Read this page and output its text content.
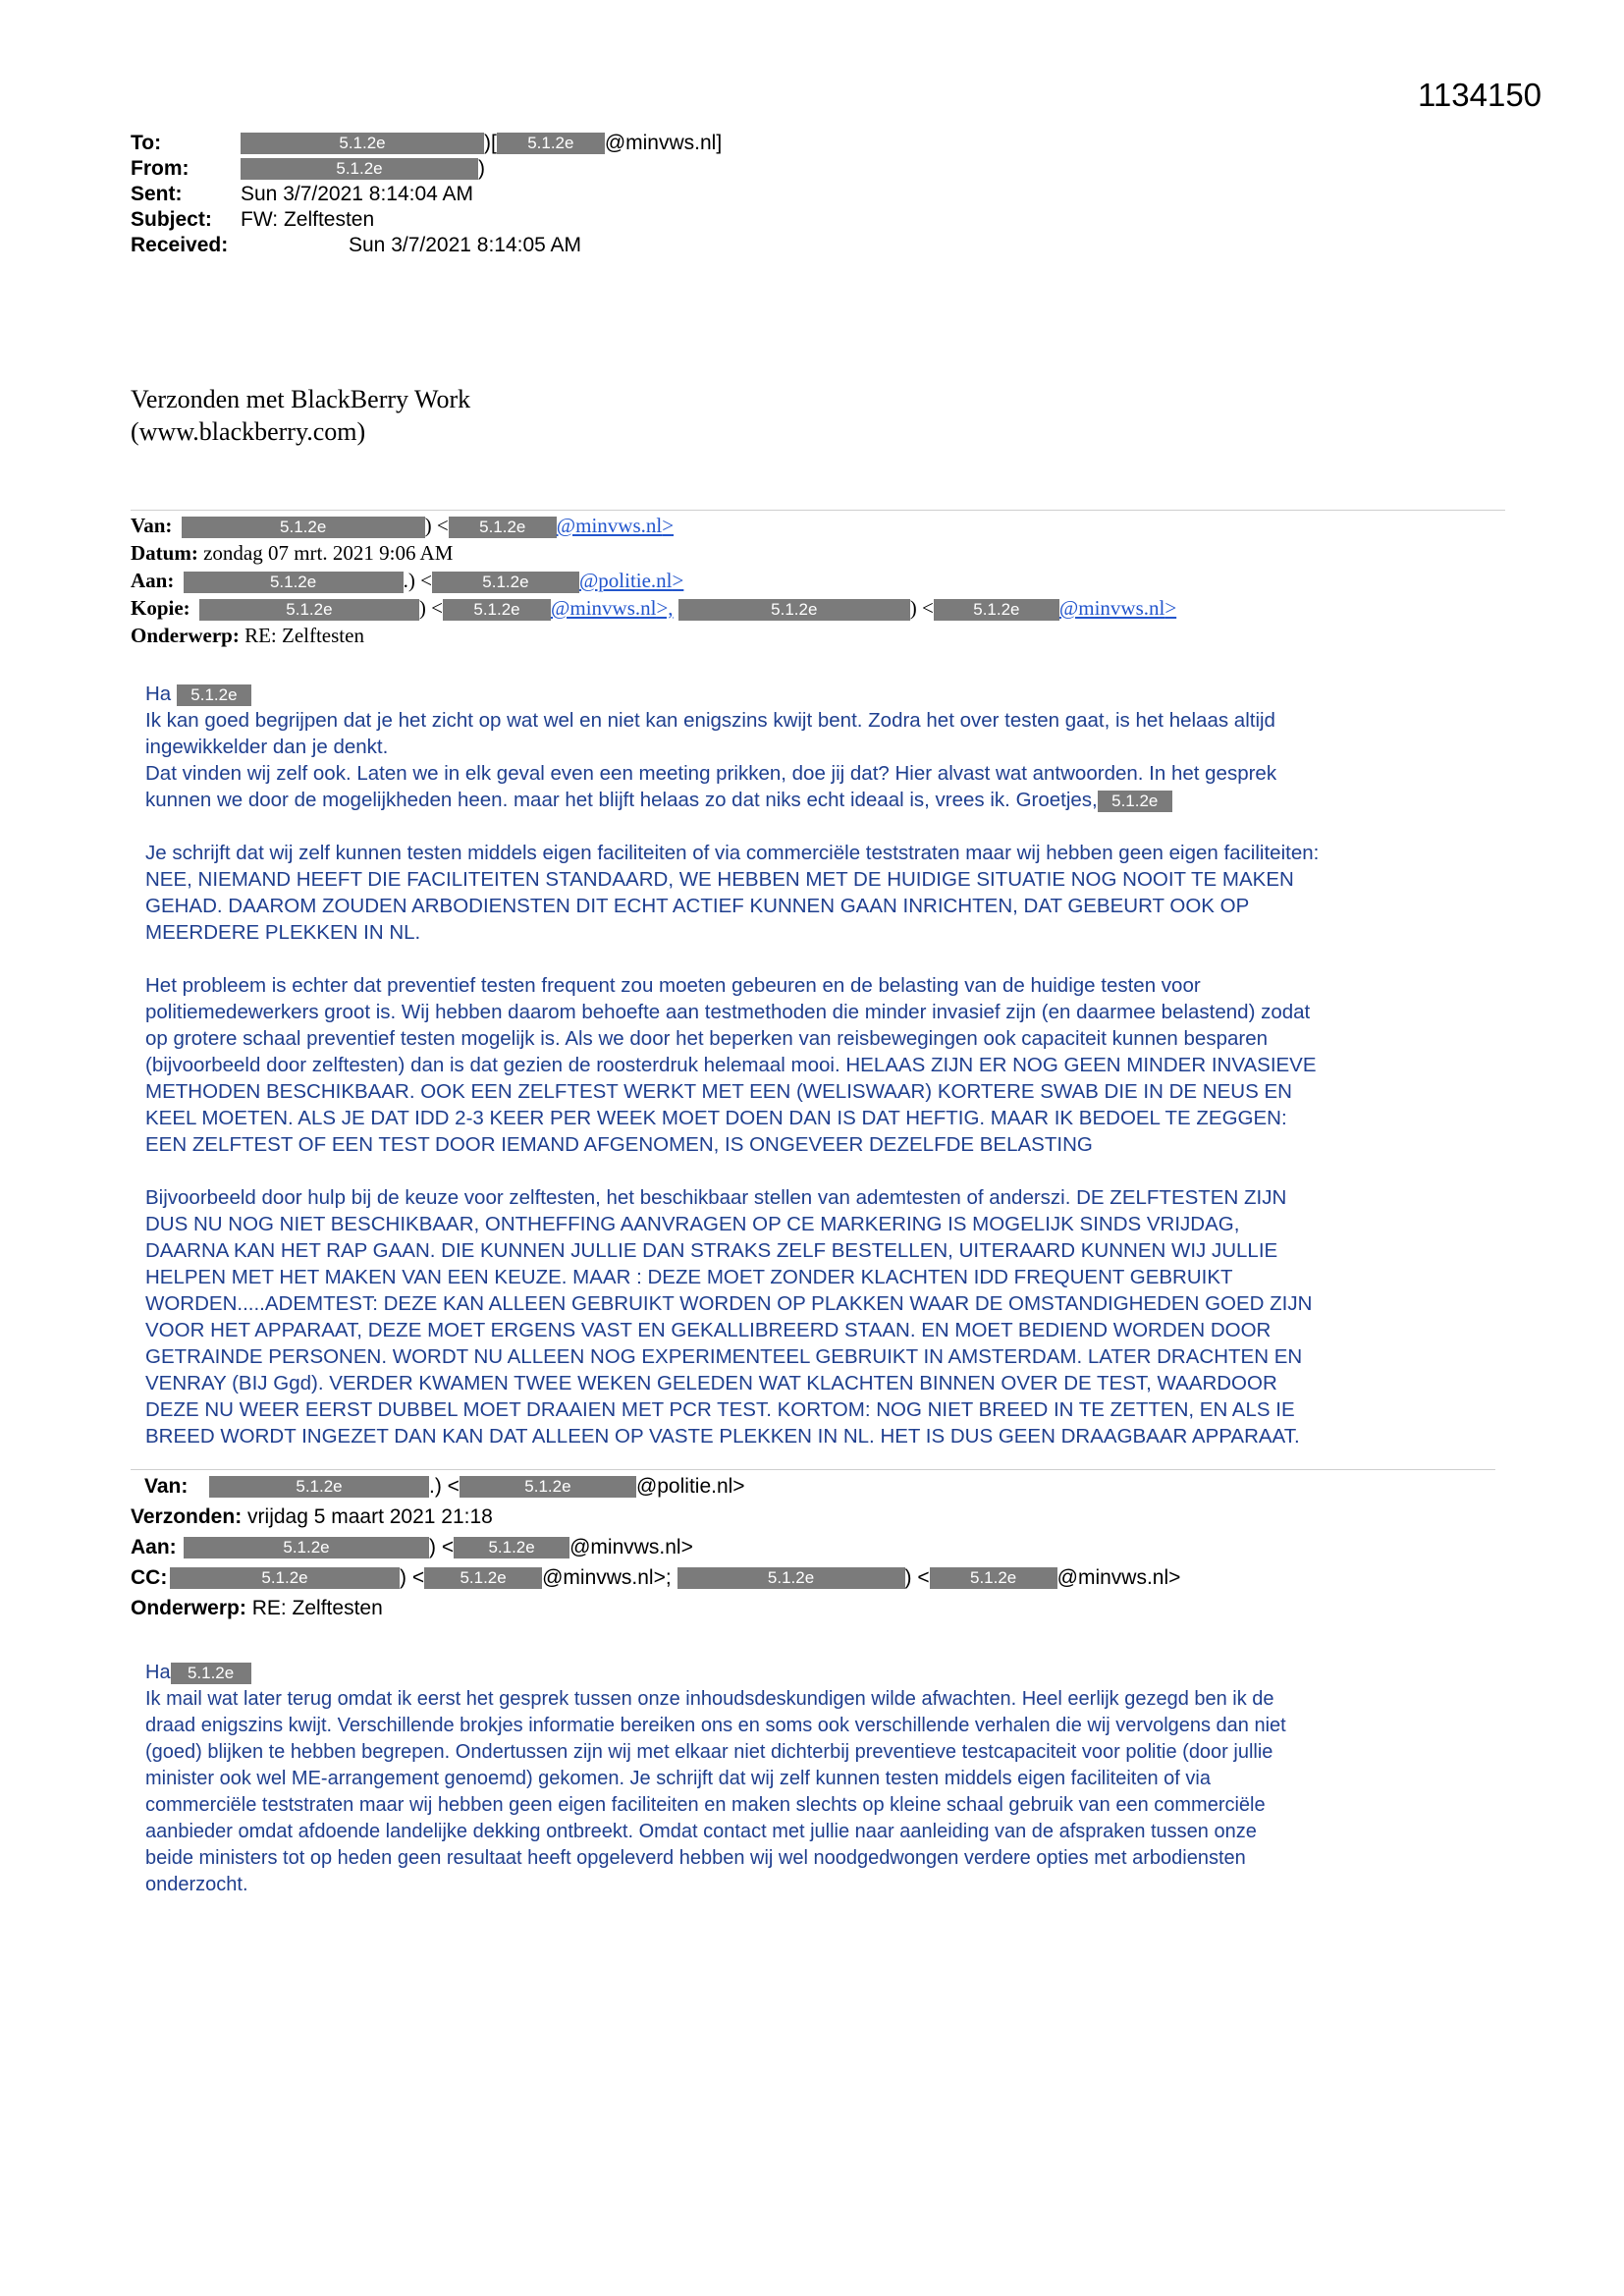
1134150
To:	5.1.2e	)[ 5.1.2e @minvws.nl]
From:	5.1.2e	)
Sent:	Sun 3/7/2021 8:14:04 AM
Subject: FW: Zelftesten
Received:	Sun 3/7/2021 8:14:05 AM
Verzonden met BlackBerry Work
(www.blackberry.com)
Van:	5.1.2e	) < 5.1.2e @minvws.nl>
Datum: zondag 07 mrt. 2021 9:06 AM
Aan:	5.1.2e	.) <	5.1.2e @politie.nl>
Kopie:	5.1.2e	) < 5.1.2e @minvws.nl>,	5.1.2e	) < 5.1.2e @minvws.nl>
Onderwerp: RE: Zelftesten

Ha 5.1.2e

Ik kan goed begrijpen dat je het zicht op wat wel en niet kan enigszins kwijt bent. Zodra het over testen gaat, is het helaas altijd

ingewikkelder dan je denkt.

Dat vinden wij zelf ook. Laten we in elk geval even een meeting prikken, doe jij dat? Hier alvast wat antwoorden. In het gesprek

kunnen we door de mogelijkheden heen. maar het blijft helaas zo dat niks echt ideaal is, vrees ik. Groetjes, 5.1.2e

Je schrijft dat wij zelf kunnen testen middels eigen faciliteiten of via commerciële teststraten maar wij hebben geen eigen faciliteiten:

NEE, NIEMAND HEEFT DIE FACILITEITEN STANDAARD, WE HEBBEN MET DE HUIDIGE SITUATIE NOG NOOIT TE MAKEN

GEHAD. DAAROM ZOUDEN ARBODIENSTEN DIT ECHT ACTIEF KUNNEN GAAN INRICHTEN, DAT GEBEURT OOK OP

MEERDERE PLEKKEN IN NL.

Het probleem is echter dat preventief testen frequent zou moeten gebeuren en de belasting van de huidige testen voor

politiemedewerkers groot is. Wij hebben daarom behoefte aan testmethoden die minder invasief zijn (en daarmee belastend) zodat

op grotere schaal preventief testen mogelijk is. Als we door het beperken van reisbewegingen ook capaciteit kunnen besparen

(bijvoorbeeld door zelftesten) dan is dat gezien de roosterdruk helemaal mooi. HELAAS ZIJN ER NOG GEEN MINDER INVASIEVE

METHODEN BESCHIKBAAR. OOK EEN ZELFTEST WERKT MET EEN (WELISWAAR) KORTERE SWAB DIE IN DE NEUS EN

KEEL MOETEN. ALS JE DAT IDD 2-3 KEER PER WEEK MOET DOEN DAN IS DAT HEFTIG. MAAR IK BEDOEL TE ZEGGEN:

EEN ZELFTEST OF EEN TEST DOOR IEMAND AFGENOMEN, IS ONGEVEER DEZELFDE BELASTING

Bijvoorbeeld door hulp bij de keuze voor zelftesten, het beschikbaar stellen van ademtesten of anderszi. DE ZELFTESTEN ZIJN

DUS NU NOG NIET BESCHIKBAAR, ONTHEFFING AANVRAGEN OP CE MARKERING IS MOGELIJK SINDS VRIJDAG,

DAARNA KAN HET RAP GAAN. DIE KUNNEN JULLIE DAN STRAKS ZELF BESTELLEN, UITERAARD KUNNEN WIJ JULLIE

HELPEN MET HET MAKEN VAN EEN KEUZE. MAAR : DEZE MOET ZONDER KLACHTEN IDD FREQUENT GEBRUIKT

WORDEN.....ADEMTEST: DEZE KAN ALLEEN GEBRUIKT WORDEN OP PLAKKEN WAAR DE OMSTANDIGHEDEN GOED ZIJN

VOOR HET APPARAAT, DEZE MOET ERGENS VAST EN GEKALLIBREERD STAAN. EN MOET BEDIEND WORDEN DOOR

GETRAINDE PERSONEN. WORDT NU ALLEEN NOG EXPERIMENTEEL GEBRUIKT IN AMSTERDAM. LATER DRACHTEN EN

VENRAY (BIJ Ggd). VERDER KWAMEN TWEE WEKEN GELEDEN WAT KLACHTEN BINNEN OVER DE TEST, WAARDOOR

DEZE NU WEER EERST DUBBEL MOET DRAAIEN MET PCR TEST. KORTOM: NOG NIET BREED IN TE ZETTEN, EN ALS IE

BREED WORDT INGEZET DAN KAN DAT ALLEEN OP VASTE PLEKKEN IN NL. HET IS DUS GEEN DRAAGBAAR APPARAAT.

Van:	5.1.2e	.) <	5.1.2e	@politie.nl>
Verzonden: vrijdag 5 maart 2021 21:18
Aan:	5.1.2e	) < 5.1.2e @minvws.nl>
CC:	5.1.2e	) < 5.1.2e @minvws.nl>;	5.1.2e	) < 5.1.2e @minvws.nl>
Onderwerp: RE: Zelftesten

Ha 5.1.2e

Ik mail wat later terug omdat ik eerst het gesprek tussen onze inhoudsdeskundigen wilde afwachten. Heel eerlijk gezegd ben ik de

draad enigszins kwijt. Verschillende brokjes informatie bereiken ons en soms ook verschillende verhalen die wij vervolgens dan niet

(goed) blijken te hebben begrepen. Ondertussen zijn wij met elkaar niet dichterbij preventieve testcapaciteit voor politie (door jullie

minister ook wel ME-arrangement genoemd) gekomen. Je schrijft dat wij zelf kunnen testen middels eigen faciliteiten of via

commerciële teststraten maar wij hebben geen eigen faciliteiten en maken slechts op kleine schaal gebruik van een commerciële

aanbieder omdat afdoende landelijke dekking ontbreekt. Omdat contact met jullie naar aanleiding van de afspraken tussen onze

beide ministers tot op heden geen resultaat heeft opgeleverd hebben wij wel noodgedwongen verdere opties met arbodiensten

onderzocht.
